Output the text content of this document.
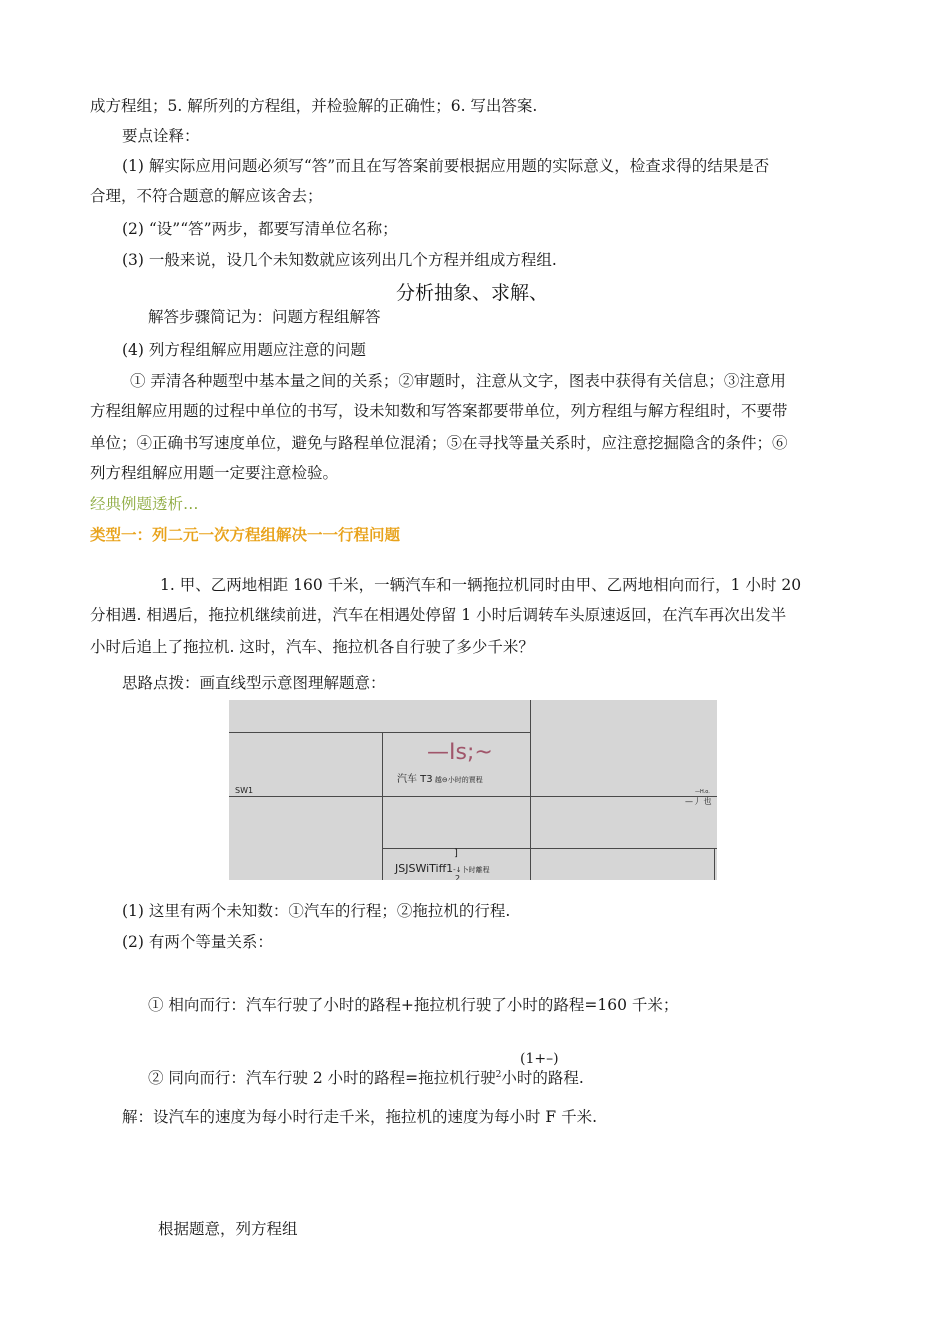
成方程组；5. 解所列的方程组，并检验解的正确性；6. 写出答案.
要点诠释：
(1) 解实际应用问题必须写“答”而且在写答案前要根据应用题的实际意义，检查求得的结果是否
合理，不符合题意的解应该舍去；
(2) “设”“答”两步，都要写清单位名称；
(3) 一般来说，设几个未知数就应该列出几个方程并组成方程组.
分析抽象、求解、
解答步骤简记为：问题方程组解答
(4) 列方程组解应用题应注意的问题
① 弄清各种题型中基本量之间的关系；②审题时，注意从文字，图表中获得有关信息；③注意用
方程组解应用题的过程中单位的书写，设未知数和写答案都要带单位，列方程组与解方程组时，不要带
单位；④正确书写速度单位，避免与路程单位混淆；⑤在寻找等量关系时，应注意挖掘隐含的条件；⑥
列方程组解应用题一定要注意检验。
经典例题透析…
类型一：列二元一次方程组解决一一行程问题
1. 甲、乙两地相距 160 千米，一辆汽车和一辆拖拉机同时由甲、乙两地相向而行，1 小时 20
分相遇. 相遇后，拖拉机继续前进，汽车在相遇处停留 1 小时后调转车头原速返回，在汽车再次出发半
小时后追上了拖拉机. 这时，汽车、拖拉机各自行驶了多少千米？
思路点拨：画直线型示意图理解题意：
—Is;~
汽车 T3 越⊖小时的賈程
SW1	—H.o.
—丿 也
]
JSJSWiTiff1-↓卜时離程
2
(1) 这里有两个未知数：①汽车的行程；②拖拉机的行程.
(2) 有两个等量关系：
① 相向而行：汽车行驶了小时的路程+拖拉机行驶了小时的路程=160 千米；
(1+–)
② 同向而行：汽车行驶 2 小时的路程=拖拉机行驶$^2$小时的路程.
解：设汽车的速度为每小时行走千米，拖拉机的速度为每小时 F 千米.
根据题意，列方程组
